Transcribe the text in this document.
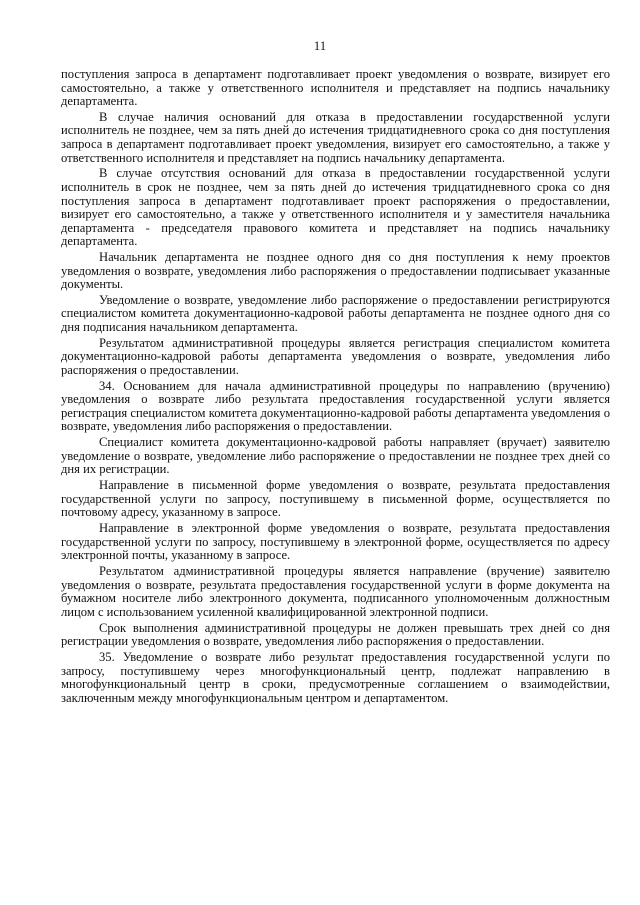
11

поступления запроса в департамент подготавливает проект уведомления о возврате, визирует его самостоятельно, а также у ответственного исполнителя и представляет на подпись начальнику департамента.

В случае наличия оснований для отказа в предоставлении государственной услуги исполнитель не позднее, чем за пять дней до истечения тридцатидневного срока со дня поступления запроса в департамент подготавливает проект уведомления, визирует его самостоятельно, а также у ответственного исполнителя и представляет на подпись начальнику департамента.

В случае отсутствия оснований для отказа в предоставлении государственной услуги исполнитель в срок не позднее, чем за пять дней до истечения тридцатидневного срока со дня поступления запроса в департамент подготавливает проект распоряжения о предоставлении, визирует его самостоятельно, а также у ответственного исполнителя и у заместителя начальника департамента - председателя правового комитета и представляет на подпись начальнику департамента.

Начальник департамента не позднее одного дня со дня поступления к нему проектов уведомления о возврате, уведомления либо распоряжения о предоставлении подписывает указанные документы.

Уведомление о возврате, уведомление либо распоряжение о предоставлении регистрируются специалистом комитета документационно-кадровой работы департамента не позднее одного дня со дня подписания начальником департамента.

Результатом административной процедуры является регистрация специалистом комитета документационно-кадровой работы департамента уведомления о возврате, уведомления либо распоряжения о предоставлении.

34. Основанием для начала административной процедуры по направлению (вручению) уведомления о возврате либо результата предоставления государственной услуги является регистрация специалистом комитета документационно-кадровой работы департамента уведомления о возврате, уведомления либо распоряжения о предоставлении.

Специалист комитета документационно-кадровой работы направляет (вручает) заявителю уведомление о возврате, уведомление либо распоряжение о предоставлении не позднее трех дней со дня их регистрации.

Направление в письменной форме уведомления о возврате, результата предоставления государственной услуги по запросу, поступившему в письменной форме, осуществляется по почтовому адресу, указанному в запросе.

Направление в электронной форме уведомления о возврате, результата предоставления государственной услуги по запросу, поступившему в электронной форме, осуществляется по адресу электронной почты, указанному в запросе.

Результатом административной процедуры является направление (вручение) заявителю уведомления о возврате, результата предоставления государственной услуги в форме документа на бумажном носителе либо электронного документа, подписанного уполномоченным должностным лицом с использованием усиленной квалифицированной электронной подписи.

Срок выполнения административной процедуры не должен превышать трех дней со дня регистрации уведомления о возврате, уведомления либо распоряжения о предоставлении.

35. Уведомление о возврате либо результат предоставления государственной услуги по запросу, поступившему через многофункциональный центр, подлежат направлению в многофункциональный центр в сроки, предусмотренные соглашением о взаимодействии, заключенным между многофункциональным центром и департаментом.
